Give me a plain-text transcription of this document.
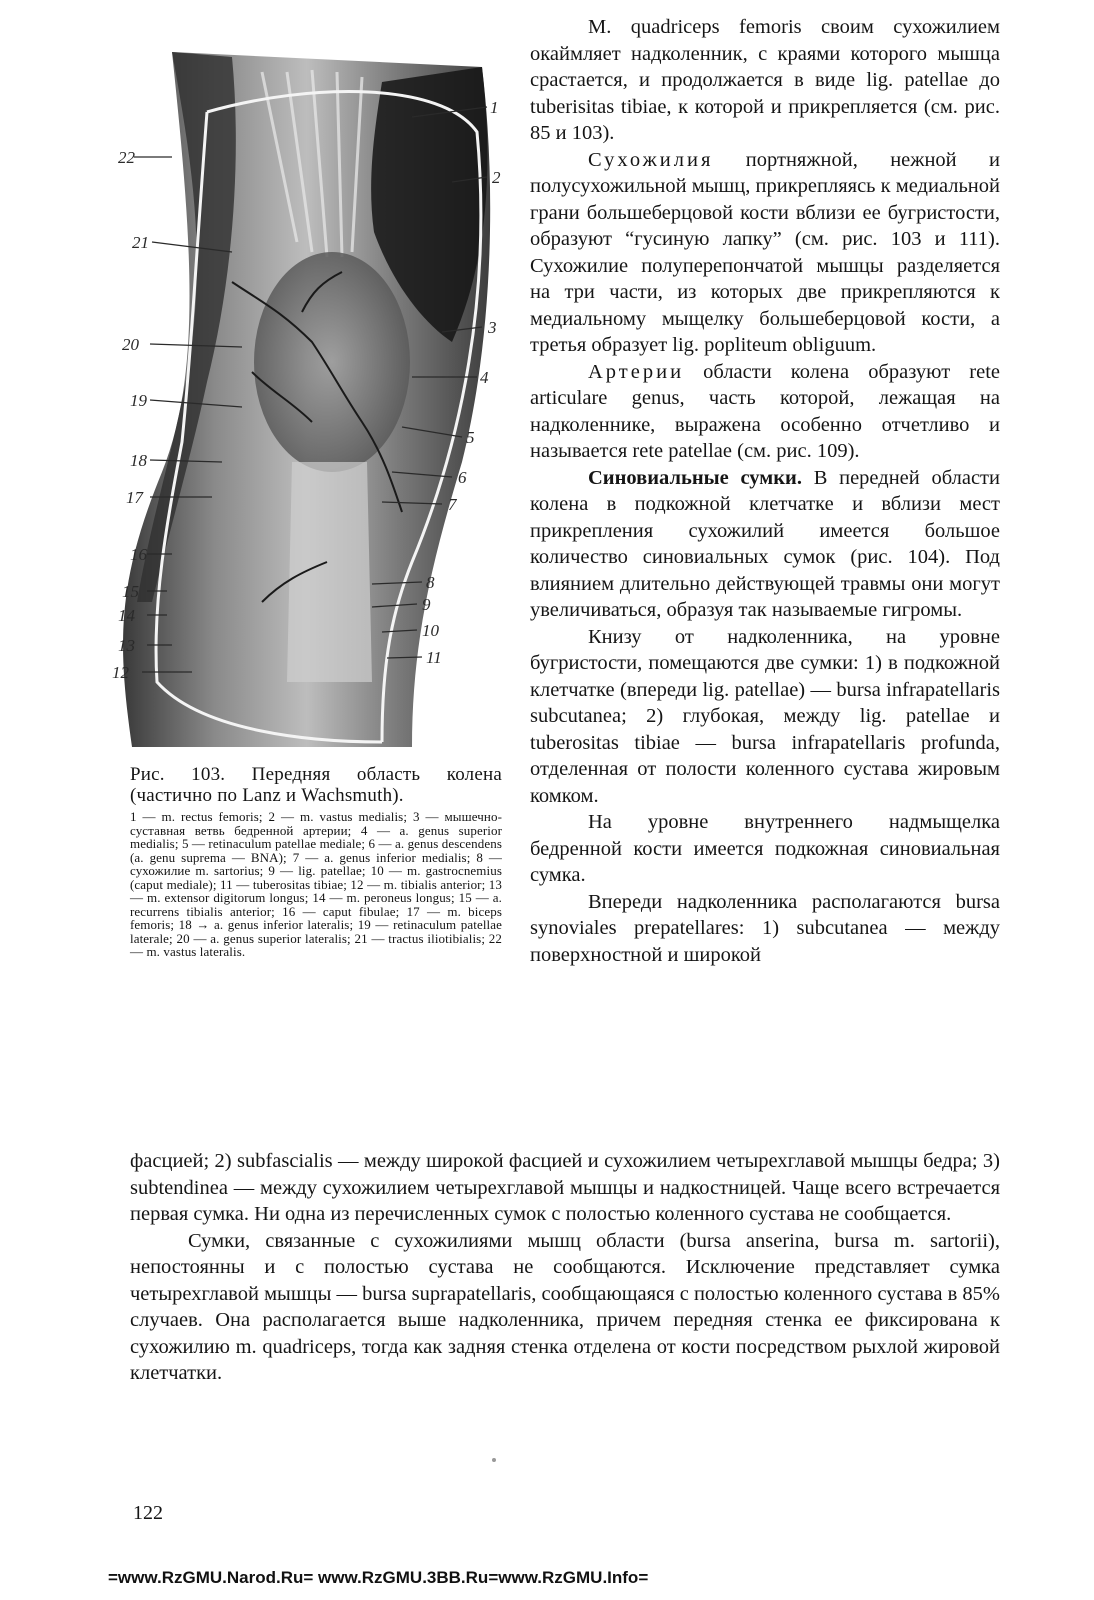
22
21
20
19
18
17
16
15
14
13
12
1
2
3
4
5
6
7
8
9
10
11

Рис. 103. Передняя область колена (частично по Lanz и Wachsmuth).

1 — m. rectus femoris; 2 — m. vastus medialis; 3 — мышечно-суставная ветвь бедренной артерии; 4 — a. genus superior medialis; 5 — retinaculum patellae mediale; 6 — a. genus descendens (a. genu suprema — BNA); 7 — a. genus inferior medialis; 8 — сухожилие m. sartorius; 9 — lig. patellae; 10 — m. gastrocnemius (caput mediale); 11 — tuberositas tibiae; 12 — m. tibialis anterior; 13 — m. extensor digitorum longus; 14 — m. peroneus longus; 15 — a. recurrens tibialis anterior; 16 — caput fibulae; 17 — m. biceps femoris; 18 → a. genus inferior lateralis; 19 — retinaculum patellae laterale; 20 — a. genus superior lateralis; 21 — tractus iliotibialis; 22 — m. vastus lateralis.

M. quadriceps femoris своим сухожилием окаймляет надколенник, с краями которого мышца срастается, и продолжается в виде lig. patellae до tuberisitas tibiae, к которой и прикрепляется (см. рис. 85 и 103).

Сухожилия портняжной, нежной и полусухожильной мышц, прикрепляясь к медиальной грани большеберцовой кости вблизи ее бугристости, образуют “гусиную лапку” (см. рис. 103 и 111). Сухожилие полуперепончатой мышцы разделяется на три части, из которых две прикрепляются к медиальному мыщелку большеберцовой кости, а третья образует lig. popliteum obliguum.

Артерии области колена образуют rete articulare genus, часть которой, лежащая на надколеннике, выражена особенно отчетливо и называется rete patellae (см. рис. 109).

Синовиальные сумки. В передней области колена в подкожной клетчатке и вблизи мест прикрепления сухожилий имеется большое количество синовиальных сумок (рис. 104). Под влиянием длительно действующей травмы они могут увеличиваться, образуя так называемые гигромы.

Книзу от надколенника, на уровне бугристости, помещаются две сумки: 1) в подкожной клетчатке (впереди lig. patellae) — bursa infrapatellaris subcutanea; 2) глубокая, между lig. patellae и tuberositas tibiae — bursa infrapatellaris profunda, отделенная от полости коленного сустава жировым комком.

На уровне внутреннего надмыщелка бедренной кости имеется подкожная синовиальная сумка.

Впереди надколенника располагаются bursa synoviales prepatellares: 1) subcutanea — между поверхностной и широкой

фасцией; 2) subfascialis — между широкой фасцией и сухожилием четырехглавой мышцы бедра; 3) subtendinea — между сухожилием четырехглавой мышцы и надкостницей. Чаще всего встречается первая сумка. Ни одна из перечисленных сумок с полостью коленного сустава не сообщается.

Сумки, связанные с сухожилиями мышц области (bursa anserina, bursa m. sartorii), непостоянны и с полостью сустава не сообщаются. Исключение представляет сумка четырехглавой мышцы — bursa suprapatellaris, сообщающаяся с полостью коленного сустава в 85% случаев. Она располагается выше надколенника, причем передняя стенка ее фиксирована к сухожилию m. quadriceps, тогда как задняя стенка отделена от кости посредством рыхлой жировой клетчатки.

122
=www.RzGMU.Narod.Ru= www.RzGMU.3BB.Ru=www.RzGMU.Info=
